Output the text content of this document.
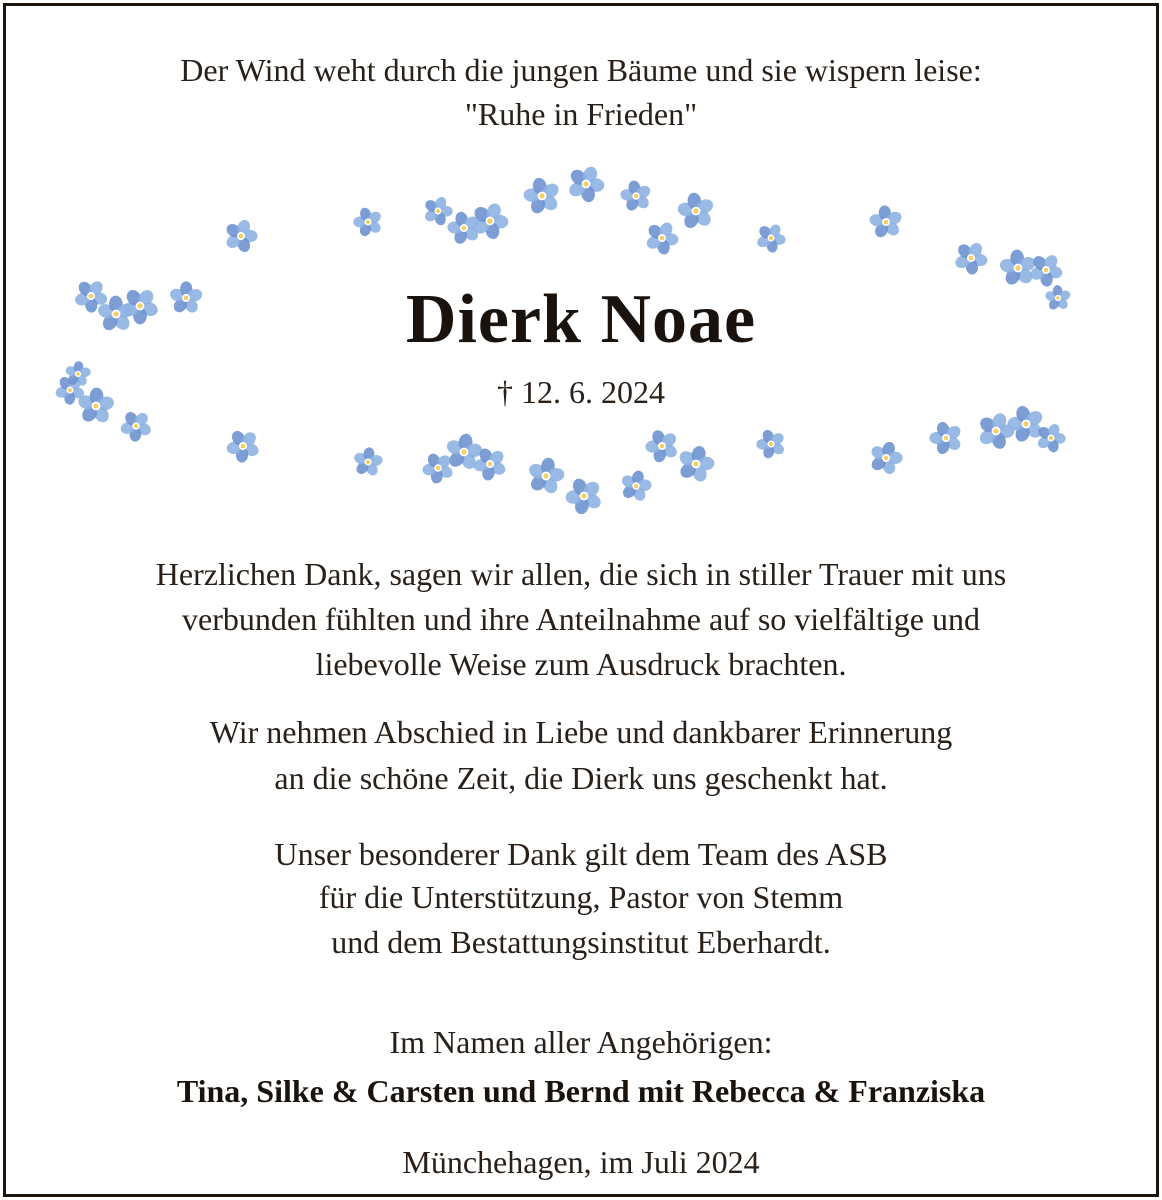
Der Wind weht durch die jungen Bäume und sie wispern leise:
"Ruhe in Frieden"
Dierk Noae
† 12. 6. 2024
Herzlichen Dank, sagen wir allen, die sich in stiller Trauer mit uns
verbunden fühlten und ihre Anteilnahme auf so vielfältige und
liebevolle Weise zum Ausdruck brachten.
Wir nehmen Abschied in Liebe und dankbarer Erinnerung
an die schöne Zeit, die Dierk uns geschenkt hat.
Unser besonderer Dank gilt dem Team des ASB
für die Unterstützung, Pastor von Stemm
und dem Bestattungsinstitut Eberhardt.
Im Namen aller Angehörigen:
Tina, Silke & Carsten und Bernd mit Rebecca & Franziska
Münchehagen, im Juli 2024
